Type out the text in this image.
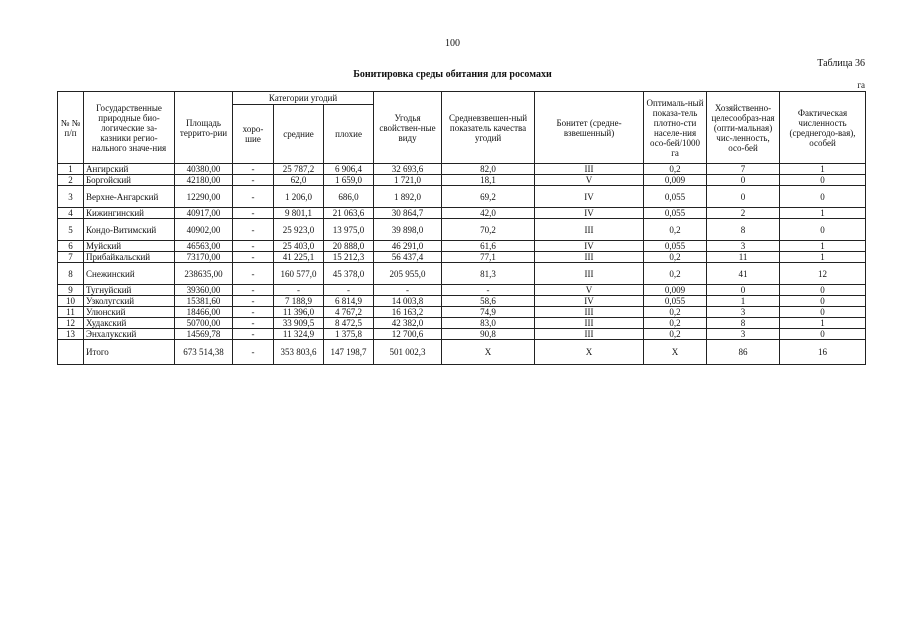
100
Таблица 36
Бонитировка среды обитания для росомахи
га
№ № п/п	Государственные природные био-логические за-казники регио-нального значе-ния	Площадь террито-рии	Категории угодий			Угодья свойствен-ные виду	Средневзвешен-ный показатель качества угодий	Бонитет (средне-взвешенный)	Оптималь-ный показа-тель плотно-сти населе-ния осо-бей/1000 га	Хозяйственно-целесообраз-ная (опти-мальная) чис-ленность, осо-бей	Фактическая численность (среднегодо-вая), особей
			хоро-шие	средние	плохие						
1	Ангирский	40380,00	-	25 787,2	6 906,4	32 693,6	82,0	III	0,2	7	1
2	Боргойский	42180,00	-	62,0	1 659,0	1 721,0	18,1	V	0,009	0	0
3	Верхне-Ангарский	12290,00	-	1 206,0	686,0	1 892,0	69,2	IV	0,055	0	0
4	Кижингинский	40917,00	-	9 801,1	21 063,6	30 864,7	42,0	IV	0,055	2	1
5	Кондо-Витимский	40902,00	-	25 923,0	13 975,0	39 898,0	70,2	III	0,2	8	0
6	Муйский	46563,00	-	25 403,0	20 888,0	46 291,0	61,6	IV	0,055	3	1
7	Прибайкальский	73170,00	-	41 225,1	15 212,3	56 437,4	77,1	III	0,2	11	1
8	Снежинский	238635,00	-	160 577,0	45 378,0	205 955,0	81,3	III	0,2	41	12
9	Тугнуйский	39360,00	-	-	-	-	-	V	0,009	0	0
10	Узколугский	15381,60	-	7 188,9	6 814,9	14 003,8	58,6	IV	0,055	1	0
11	Улюнский	18466,00	-	11 396,0	4 767,2	16 163,2	74,9	III	0,2	3	0
12	Худакский	50700,00	-	33 909,5	8 472,5	42 382,0	83,0	III	0,2	8	1
13	Энхалукский	14569,78	-	11 324,9	1 375,8	12 700,6	90,8	III	0,2	3	0
	Итого	673 514,38	-	353 803,6	147 198,7	501 002,3	X	X	X	86	16
